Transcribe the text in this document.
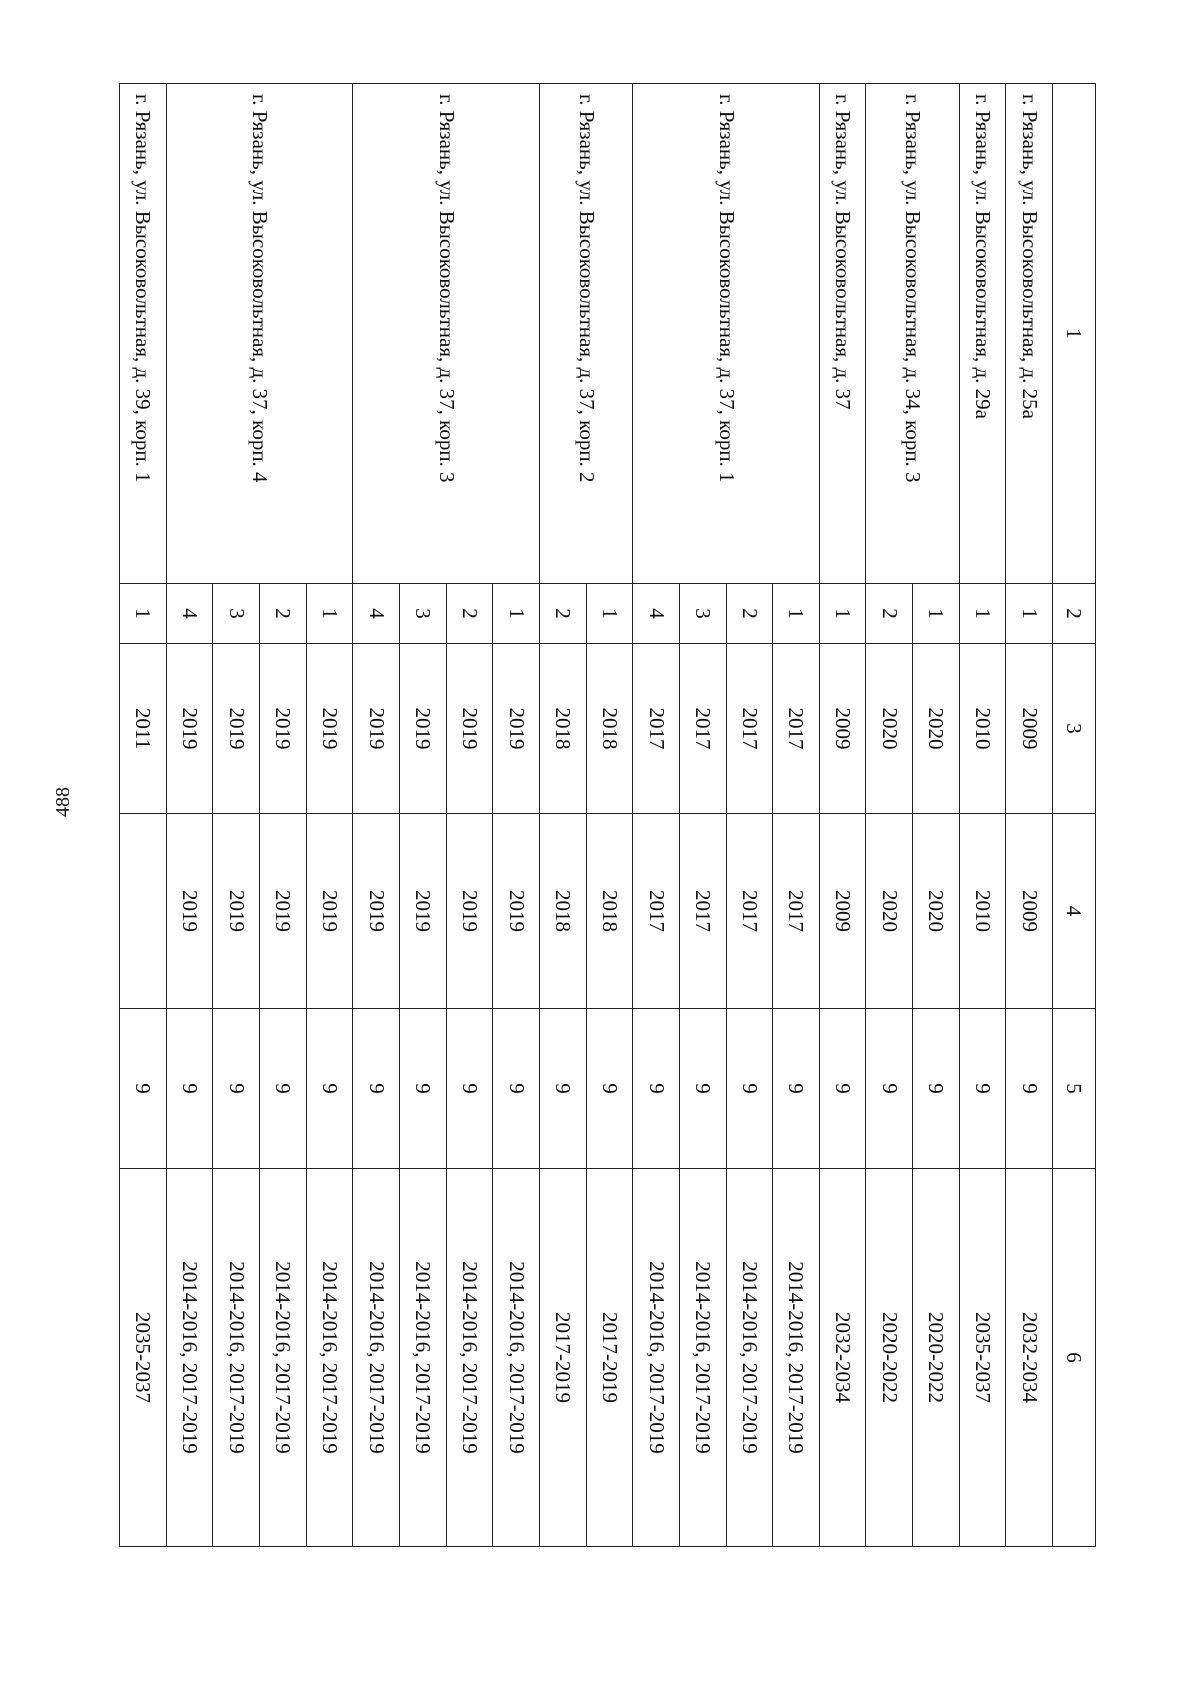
488
1	2	3	4	5	6
г. Рязань, ул. Высоковольтная, д. 25а	1	2009	2009	9	2032-2034
г. Рязань, ул. Высоковольтная, д. 29а	1	2010	2010	9	2035-2037
г. Рязань, ул. Высоковольтная, д. 34, корп. 3	1	2020	2020	9	2020-2022
	2	2020	2020	9	2020-2022
г. Рязань, ул. Высоковольтная, д. 37	1	2009	2009	9	2032-2034
г. Рязань, ул. Высоковольтная, д. 37, корп. 1	1	2017	2017	9	2014-2016, 2017-2019
	2	2017	2017	9	2014-2016, 2017-2019
	3	2017	2017	9	2014-2016, 2017-2019
	4	2017	2017	9	2014-2016, 2017-2019
г. Рязань, ул. Высоковольтная, д. 37, корп. 2	1	2018	2018	9	2017-2019
	2	2018	2018	9	2017-2019
г. Рязань, ул. Высоковольтная, д. 37, корп. 3	1	2019	2019	9	2014-2016, 2017-2019
	2	2019	2019	9	2014-2016, 2017-2019
	3	2019	2019	9	2014-2016, 2017-2019
	4	2019	2019	9	2014-2016, 2017-2019
г. Рязань, ул. Высоковольтная, д. 37, корп. 4	1	2019	2019	9	2014-2016, 2017-2019
	2	2019	2019	9	2014-2016, 2017-2019
	3	2019	2019	9	2014-2016, 2017-2019
	4	2019	2019	9	2014-2016, 2017-2019
г. Рязань, ул. Высоковольтная, д. 39, корп. 1	1	2011		9	2035-2037
